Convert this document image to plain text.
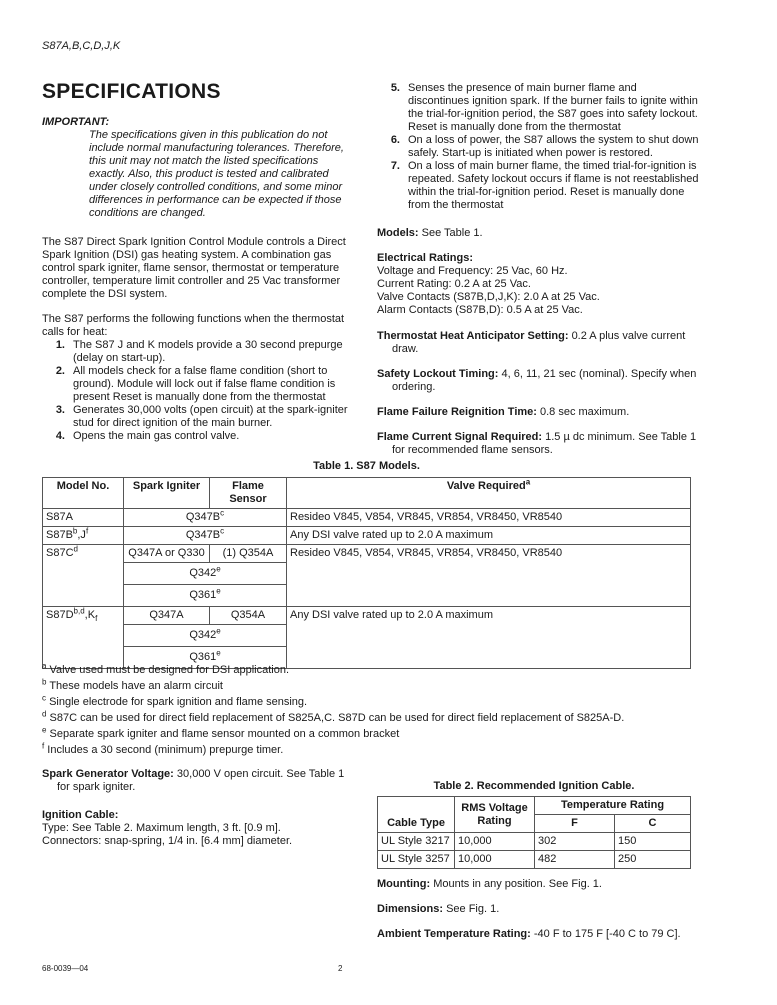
S87A,B,C,D,J,K
SPECIFICATIONS

IMPORTANT:

The specifications given in this publication do not include normal manufacturing tolerances. Therefore, this unit may not match the listed specifications exactly. Also, this product is tested and calibrated under closely controlled conditions, and some minor differences in performance can be expected if those conditions are changed.

The S87 Direct Spark Ignition Control Module controls a Direct Spark Ignition (DSI) gas heating system. A combination gas control spark igniter, flame sensor, thermostat or temperature controller, temperature limit controller and 25 Vac transformer complete the DSI system.

The S87 performs the following functions when the thermostat calls for heat:

1. The S87 J and K models provide a 30 second prepurge (delay on start-up).
2. All models check for a false flame condition (short to ground). Module will lock out if false flame condition is present Reset is manually done from the thermostat
3. Generates 30,000 volts (open circuit) at the spark-igniter stud for direct ignition of the main burner.
4. Opens the main gas control valve.
5. Senses the presence of main burner flame and discontinues ignition spark. If the burner fails to ignite within the trial-for-ignition period, the S87 goes into safety lockout. Reset is manually done from the thermostat
6. On a loss of power, the S87 allows the system to shut down safely. Start-up is initiated when power is restored.
7. On a loss of main burner flame, the timed trial-for-ignition is repeated. Safety lockout occurs if flame is not reestablished within the trial-for-ignition period. Reset is manually done from the thermostat

Models: See Table 1.

Electrical Ratings:

Voltage and Frequency: 25 Vac, 60 Hz.

Current Rating: 0.2 A at 25 Vac.

Valve Contacts (S87B,D,J,K): 2.0 A at 25 Vac.

Alarm Contacts (S87B,D): 0.5 A at 25 Vac.

Thermostat Heat Anticipator Setting: 0.2 A plus valve current draw.

Safety Lockout Timing: 4, 6, 11, 21 sec (nominal). Specify when ordering.

Flame Failure Reignition Time: 0.8 sec maximum.

Flame Current Signal Required: 1.5 µ dc minimum. See Table 1 for recommended flame sensors.

Table 1. S87 Models.

Model No.	Spark Igniter	Flame Sensor	Valve Required$^a$
S87A	$Q347B^c$		Resideo V845, V854, VR845, VR854, VR8450, VR8540
$S87B^b,J^f$	$Q347B^c$		Any DSI valve rated up to 2.0 A maximum
$S87C^d$	Q347A or Q330	(1) Q354A	Resideo V845, V854, VR845, VR854, VR8450, VR8540
	Q342e
	Q361e
$S87D^{b,d},K_f$	Q347A	Q354A	Any DSI valve rated up to 2.0 A maximum
	Q342e
	Q361e

$^a$ Valve used must be designed for DSI application.

$^b$ These models have an alarm circuit

$^c$ Single electrode for spark ignition and flame sensing.

$^d$ S87C can be used for direct field replacement of S825A,C. S87D can be used for direct field replacement of S825A-D.

$^e$ Separate spark igniter and flame sensor mounted on a common bracket

$^f$ Includes a 30 second (minimum) prepurge timer.

Spark Generator Voltage: 30,000 V open circuit. See Table 1 for spark igniter.

Ignition Cable:

Type: See Table 2. Maximum length, 3 ft. [0.9 m].

Connectors: snap-spring, 1/4 in. [6.4 mm] diameter.

Table 2. Recommended Ignition Cable.

Cable Type	RMS Voltage Rating	Temperature Rating	
		F	C
UL Style 3217	10,000	302	150
UL Style 3257	10,000	482	250

Mounting: Mounts in any position. See Fig. 1.

Dimensions: See Fig. 1.

Ambient Temperature Rating: -40 F to 175 F [-40 C to 79 C].

68-0039—04	2
